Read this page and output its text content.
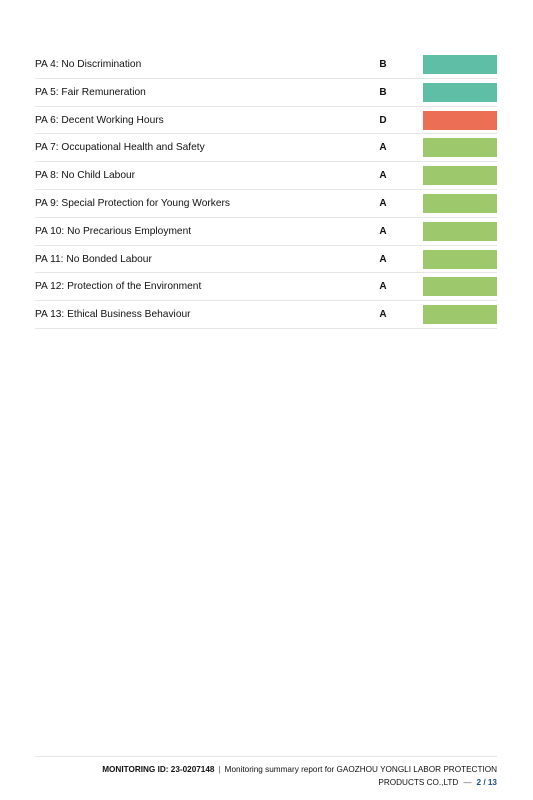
PA 4: No Discrimination	B
PA 5: Fair Remuneration	B
PA 6: Decent Working Hours	D
PA 7: Occupational Health and Safety	A
PA 8: No Child Labour	A
PA 9: Special Protection for Young Workers	A
PA 10: No Precarious Employment	A
PA 11: No Bonded Labour	A
PA 12: Protection of the Environment	A
PA 13: Ethical Business Behaviour	A
MONITORING ID: 23-0207148 | Monitoring summary report for GAOZHOU YONGLI LABOR PROTECTION
PRODUCTS CO.,LTD — 2 / 13
